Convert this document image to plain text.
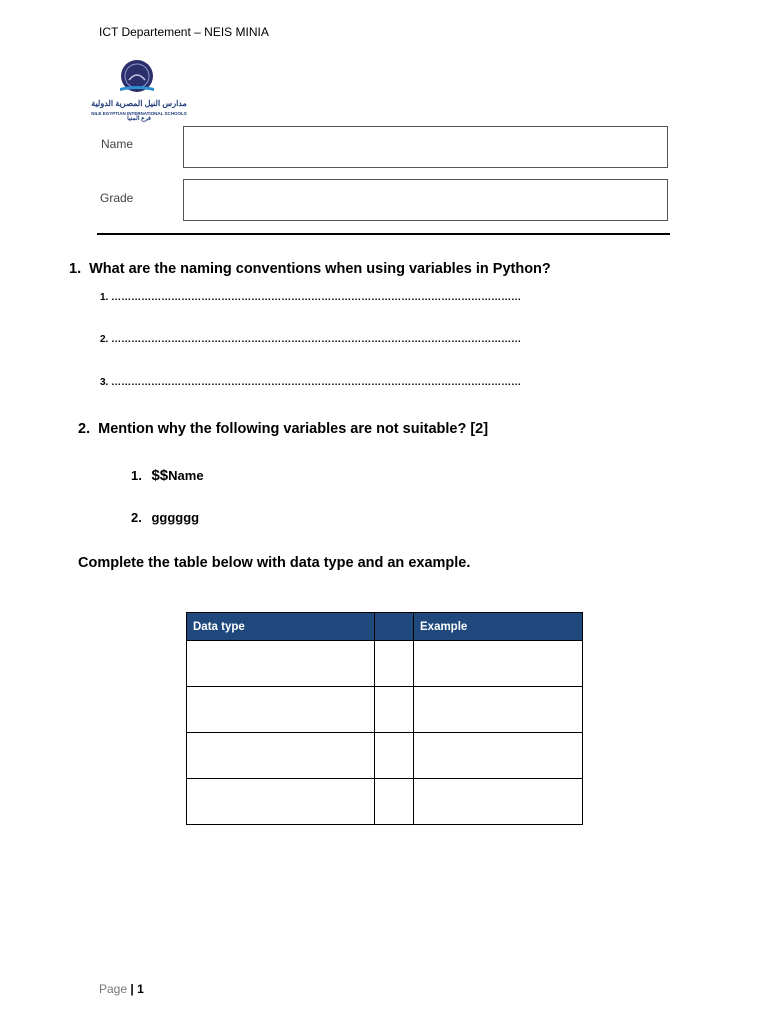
ICT Departement – NEIS MINIA
مدارس النيل المصرية الدولية
NILE EGYPTIAN INTERNATIONAL SCHOOLS
فرع المنيا
Name
Grade
1. What are the naming conventions when using variables in Python?
1. ……………………………………………………………………………………………………………
2. ……………………………………………………………………………………………………………
3. ……………………………………………………………………………………………………………
2. Mention why the following variables are not suitable? [2]
1. $$Name
2. gggggg
Complete the table below with data type and an example.
Data type		Example

Page | 1
